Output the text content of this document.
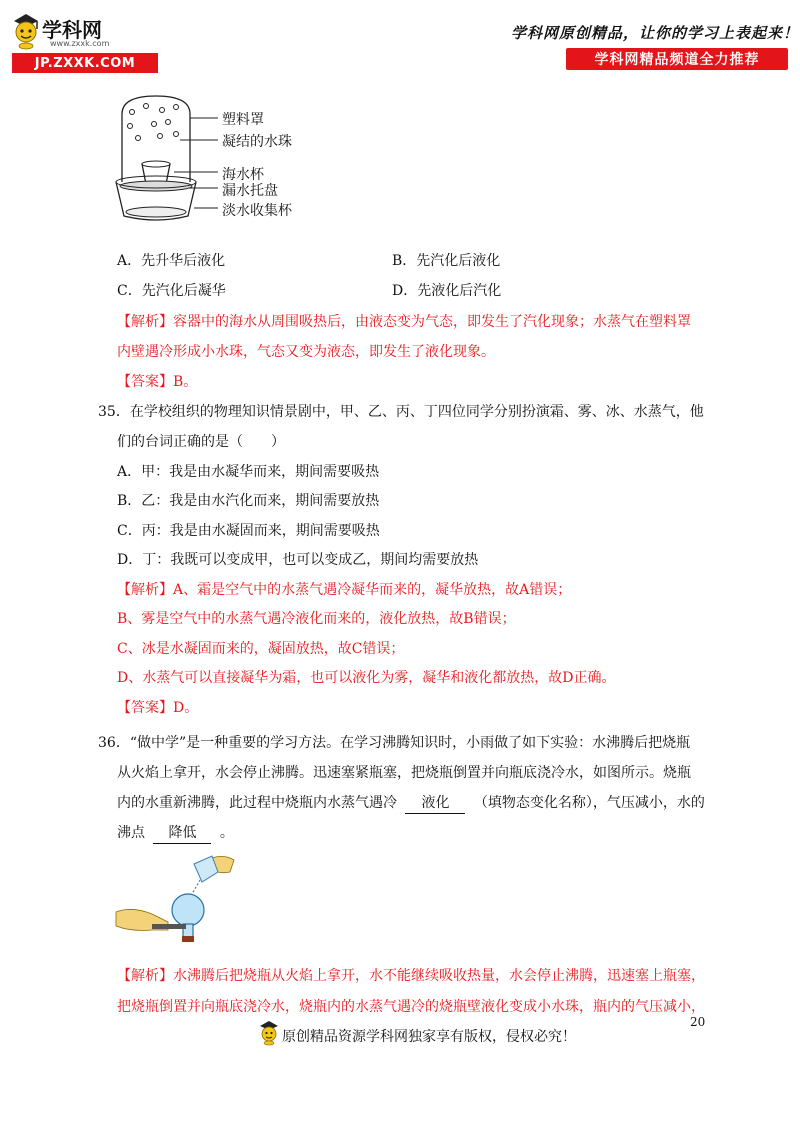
学科网
www.zxxk.com
JP.ZXXK.COM
学科网原创精品，让你的学习上表起来！
学科网精品频道全力推荐
塑料罩
凝结的水珠
海水杯
漏水托盘
淡水收集杯
A．先升华后液化	B．先汽化后液化
C．先汽化后凝华	D．先液化后汽化
【解析】容器中的海水从周围吸热后，由液态变为气态，即发生了汽化现象；水蒸气在塑料罩
内壁遇冷形成小水珠，气态又变为液态，即发生了液化现象。
【答案】B。
35．在学校组织的物理知识情景剧中，甲、乙、丙、丁四位同学分别扮演霜、雾、冰、水蒸气，他
们的台词正确的是（　　）
A．甲：我是由水凝华而来，期间需要吸热
B．乙：我是由水汽化而来，期间需要放热
C．丙：我是由水凝固而来，期间需要吸热
D．丁：我既可以变成甲，也可以变成乙，期间均需要放热
【解析】A、霜是空气中的水蒸气遇冷凝华而来的，凝华放热，故A错误；
B、雾是空气中的水蒸气遇冷液化而来的，液化放热，故B错误；
C、冰是水凝固而来的，凝固放热，故C错误；
D、水蒸气可以直接凝华为霜，也可以液化为雾，凝华和液化都放热，故D正确。
【答案】D。
36．“做中学”是一种重要的学习方法。在学习沸腾知识时，小雨做了如下实验：水沸腾后把烧瓶
从火焰上拿开，水会停止沸腾。迅速塞紧瓶塞，把烧瓶倒置并向瓶底浇冷水，如图所示。烧瓶
内的水重新沸腾，此过程中烧瓶内水蒸气遇冷 液化 （填物态变化名称），气压减小，水的
沸点 降低 。
【解析】水沸腾后把烧瓶从火焰上拿开，水不能继续吸收热量，水会停止沸腾，迅速塞上瓶塞，
把烧瓶倒置并向瓶底浇冷水，烧瓶内的水蒸气遇冷的烧瓶壁液化变成小水珠，瓶内的气压减小，
20
原创精品资源学科网独家享有版权，侵权必究！
